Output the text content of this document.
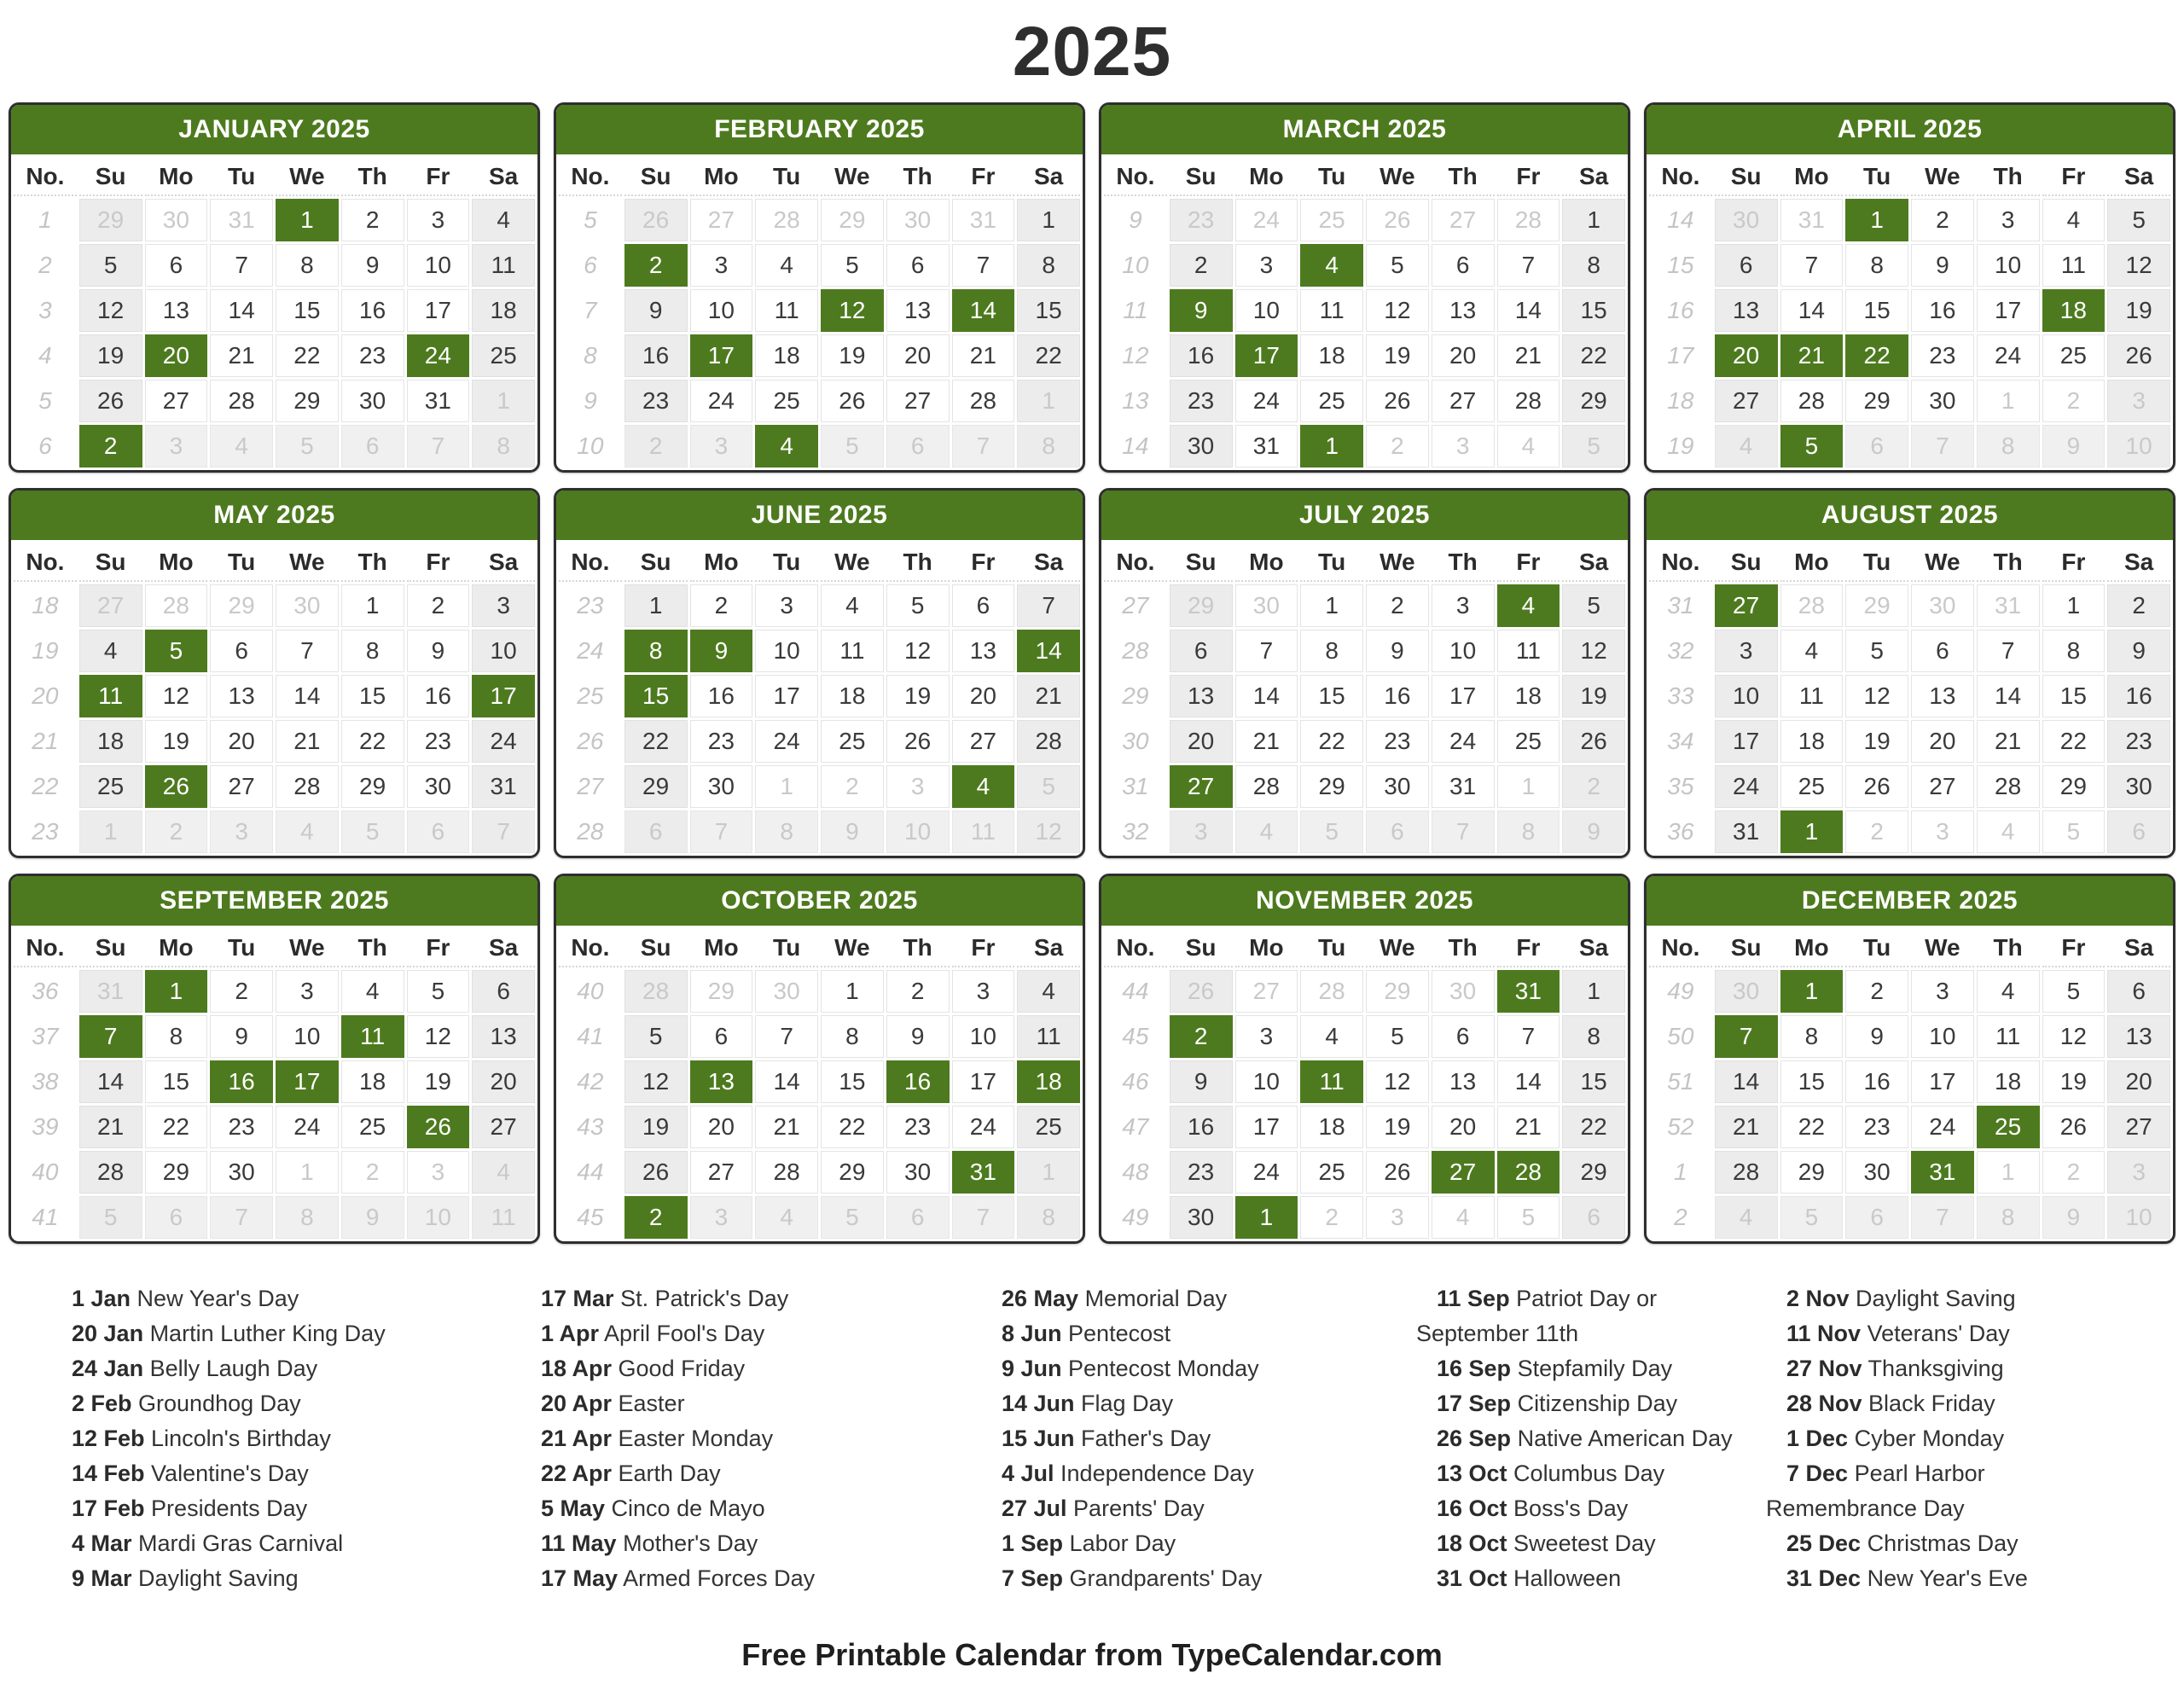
2025
JANUARY 2025
No.	Su	Mo	Tu	We	Th	Fr	Sa
1	29	30	31	1	2	3	4
2	5	6	7	8	9	10	11
3	12	13	14	15	16	17	18
4	19	20	21	22	23	24	25
5	26	27	28	29	30	31	1
6	2	3	4	5	6	7	8
FEBRUARY 2025
No.	Su	Mo	Tu	We	Th	Fr	Sa
5	26	27	28	29	30	31	1
6	2	3	4	5	6	7	8
7	9	10	11	12	13	14	15
8	16	17	18	19	20	21	22
9	23	24	25	26	27	28	1
10	2	3	4	5	6	7	8
MARCH 2025
No.	Su	Mo	Tu	We	Th	Fr	Sa
9	23	24	25	26	27	28	1
10	2	3	4	5	6	7	8
11	9	10	11	12	13	14	15
12	16	17	18	19	20	21	22
13	23	24	25	26	27	28	29
14	30	31	1	2	3	4	5
APRIL 2025
No.	Su	Mo	Tu	We	Th	Fr	Sa
14	30	31	1	2	3	4	5
15	6	7	8	9	10	11	12
16	13	14	15	16	17	18	19
17	20	21	22	23	24	25	26
18	27	28	29	30	1	2	3
19	4	5	6	7	8	9	10
MAY 2025
No.	Su	Mo	Tu	We	Th	Fr	Sa
18	27	28	29	30	1	2	3
19	4	5	6	7	8	9	10
20	11	12	13	14	15	16	17
21	18	19	20	21	22	23	24
22	25	26	27	28	29	30	31
23	1	2	3	4	5	6	7
JUNE 2025
No.	Su	Mo	Tu	We	Th	Fr	Sa
23	1	2	3	4	5	6	7
24	8	9	10	11	12	13	14
25	15	16	17	18	19	20	21
26	22	23	24	25	26	27	28
27	29	30	1	2	3	4	5
28	6	7	8	9	10	11	12
JULY 2025
No.	Su	Mo	Tu	We	Th	Fr	Sa
27	29	30	1	2	3	4	5
28	6	7	8	9	10	11	12
29	13	14	15	16	17	18	19
30	20	21	22	23	24	25	26
31	27	28	29	30	31	1	2
32	3	4	5	6	7	8	9
AUGUST 2025
No.	Su	Mo	Tu	We	Th	Fr	Sa
31	27	28	29	30	31	1	2
32	3	4	5	6	7	8	9
33	10	11	12	13	14	15	16
34	17	18	19	20	21	22	23
35	24	25	26	27	28	29	30
36	31	1	2	3	4	5	6
SEPTEMBER 2025
No.	Su	Mo	Tu	We	Th	Fr	Sa
36	31	1	2	3	4	5	6
37	7	8	9	10	11	12	13
38	14	15	16	17	18	19	20
39	21	22	23	24	25	26	27
40	28	29	30	1	2	3	4
41	5	6	7	8	9	10	11
OCTOBER 2025
No.	Su	Mo	Tu	We	Th	Fr	Sa
40	28	29	30	1	2	3	4
41	5	6	7	8	9	10	11
42	12	13	14	15	16	17	18
43	19	20	21	22	23	24	25
44	26	27	28	29	30	31	1
45	2	3	4	5	6	7	8
NOVEMBER 2025
No.	Su	Mo	Tu	We	Th	Fr	Sa
44	26	27	28	29	30	31	1
45	2	3	4	5	6	7	8
46	9	10	11	12	13	14	15
47	16	17	18	19	20	21	22
48	23	24	25	26	27	28	29
49	30	1	2	3	4	5	6
DECEMBER 2025
No.	Su	Mo	Tu	We	Th	Fr	Sa
49	30	1	2	3	4	5	6
50	7	8	9	10	11	12	13
51	14	15	16	17	18	19	20
52	21	22	23	24	25	26	27
1	28	29	30	31	1	2	3
2	4	5	6	7	8	9	10
1 Jan New Year's Day
20 Jan Martin Luther King Day
24 Jan Belly Laugh Day
2 Feb Groundhog Day
12 Feb Lincoln's Birthday
14 Feb Valentine's Day
17 Feb Presidents Day
4 Mar Mardi Gras Carnival
9 Mar Daylight Saving
17 Mar St. Patrick's Day
1 Apr April Fool's Day
18 Apr Good Friday
20 Apr Easter
21 Apr Easter Monday
22 Apr Earth Day
5 May Cinco de Mayo
11 May Mother's Day
17 May Armed Forces Day
26 May Memorial Day
8 Jun Pentecost
9 Jun Pentecost Monday
14 Jun Flag Day
15 Jun Father's Day
4 Jul Independence Day
27 Jul Parents' Day
1 Sep Labor Day
7 Sep Grandparents' Day
11 Sep Patriot Day or September 11th
16 Sep Stepfamily Day
17 Sep Citizenship Day
26 Sep Native American Day
13 Oct Columbus Day
16 Oct Boss's Day
18 Oct Sweetest Day
31 Oct Halloween
2 Nov Daylight Saving
11 Nov Veterans' Day
27 Nov Thanksgiving
28 Nov Black Friday
1 Dec Cyber Monday
7 Dec Pearl Harbor Remembrance Day
25 Dec Christmas Day
31 Dec New Year's Eve
Free Printable Calendar from TypeCalendar.com
